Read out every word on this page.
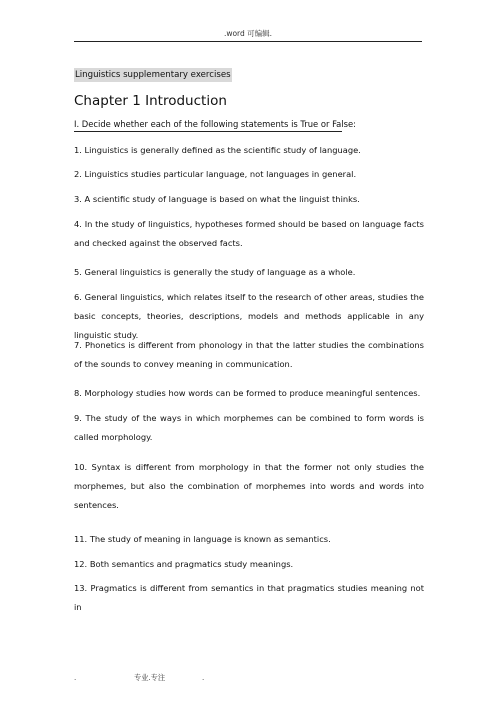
.word 可编辑.
Linguistics supplementary exercises
Chapter 1 Introduction
Ⅰ. Decide whether each of the following statements is True or False:
1. Linguistics is generally defined as the scientific study of language.
2. Linguistics studies particular language, not languages in general.
3. A scientific study of language is based on what the linguist thinks.
4. In the study of linguistics, hypotheses formed should be based on language facts and checked against the observed facts.
5. General linguistics is generally the study of language as a whole.
6. General linguistics, which relates itself to the research of other areas, studies the basic concepts, theories, descriptions, models and methods applicable in any linguistic study.
7. Phonetics is different from phonology in that the latter studies the combinations of the sounds to convey meaning in communication.
8. Morphology studies how words can be formed to produce meaningful sentences.
9. The study of the ways in which morphemes can be combined to form words is called morphology.
10. Syntax is different from morphology in that the former not only studies the morphemes, but also the combination of morphemes into words and words into sentences.
11. The study of meaning in language is known as semantics.
12. Both semantics and pragmatics study meanings.
13. Pragmatics is different from semantics in that pragmatics studies meaning not in
.	专业.专注	.
